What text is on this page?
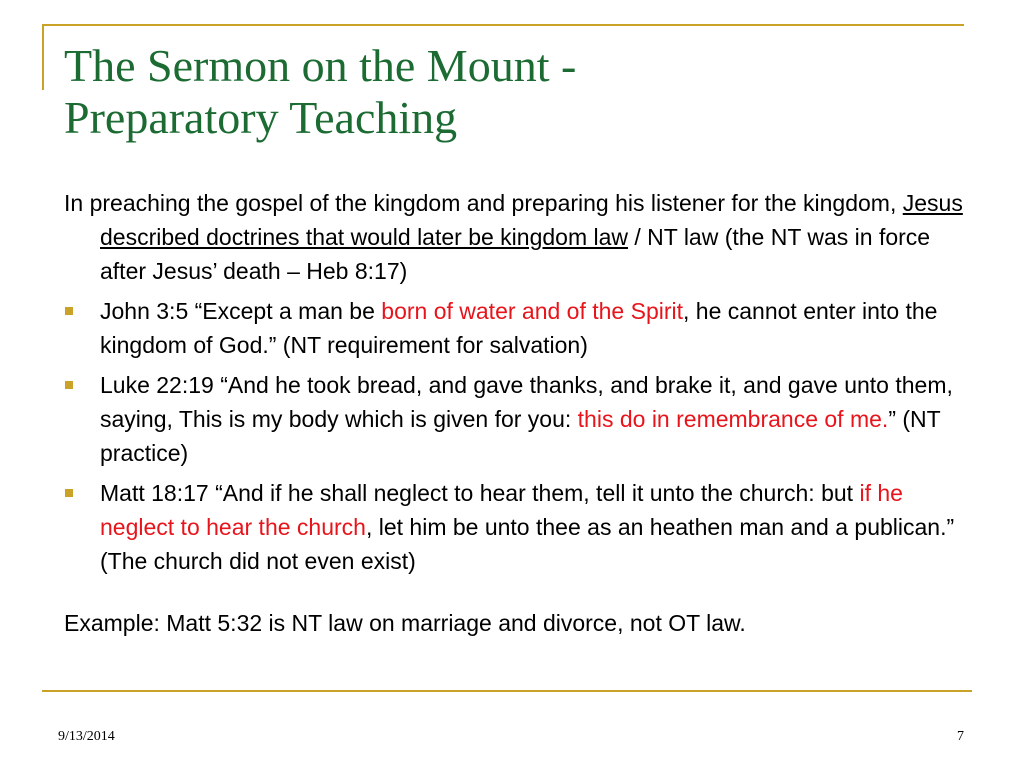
The Sermon on the Mount -
Preparatory Teaching

In preaching the gospel of the kingdom and preparing his listener for the kingdom, Jesus described doctrines that would later be kingdom law / NT law (the NT was in force after Jesus’ death – Heb 8:17)

John 3:5 “Except a man be born of water and of the Spirit, he cannot enter into the kingdom of God.” (NT requirement for salvation)
Luke 22:19 “And he took bread, and gave thanks, and brake it, and gave unto them, saying, This is my body which is given for you: this do in remembrance of me.” (NT practice)
Matt 18:17 “And if he shall neglect to hear them, tell it unto the church: but if he neglect to hear the church, let him be unto thee as an heathen man and a publican.” (The church did not even exist)

Example: Matt 5:32 is NT law on marriage and divorce, not OT law.

9/13/2014	7
